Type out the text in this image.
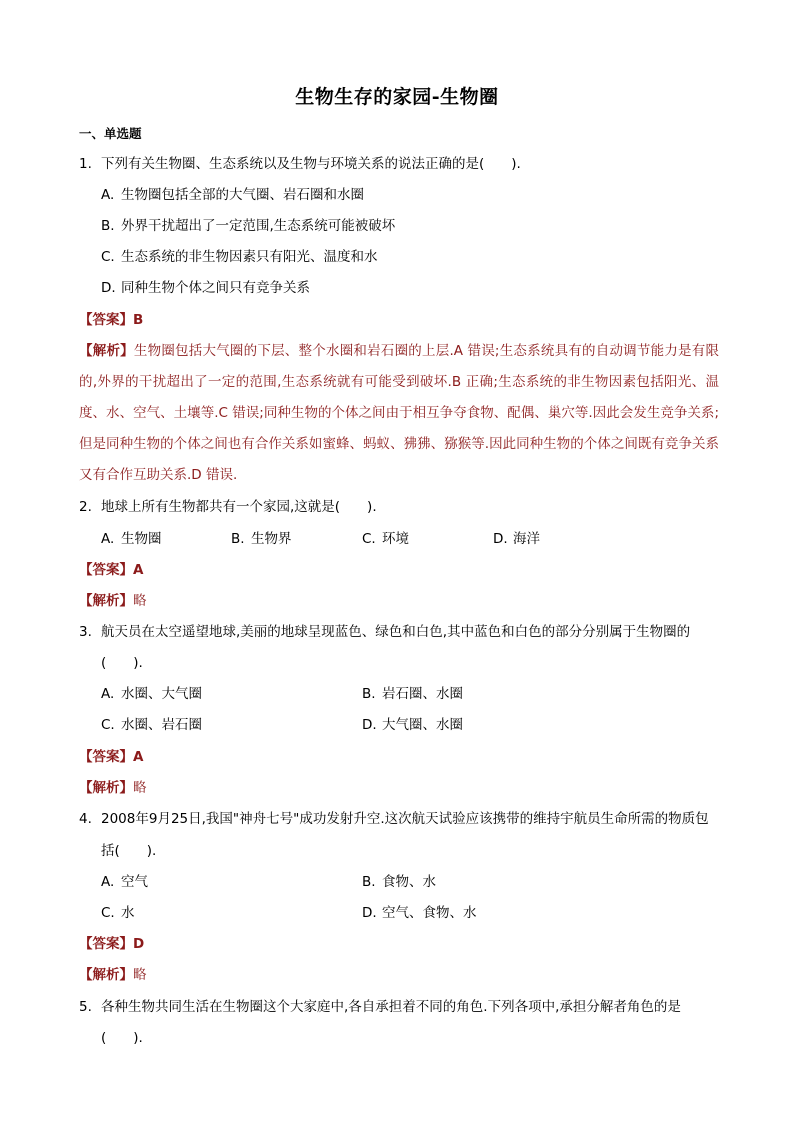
生物生存的家园-生物圈
一、单选题
1. 下列有关生物圈、生态系统以及生物与环境关系的说法正确的是(　　).
A. 生物圈包括全部的大气圈、岩石圈和水圈
B. 外界干扰超出了一定范围,生态系统可能被破坏
C. 生态系统的非生物因素只有阳光、温度和水
D. 同种生物个体之间只有竞争关系
【答案】B
【解析】生物圈包括大气圈的下层、整个水圈和岩石圈的上层.A 错误;生态系统具有的自动调节能力是有限的,外界的干扰超出了一定的范围,生态系统就有可能受到破坏.B 正确;生态系统的非生物因素包括阳光、温度、水、空气、土壤等.C 错误;同种生物的个体之间由于相互争夺食物、配偶、巢穴等.因此会发生竞争关系;但是同种生物的个体之间也有合作关系如蜜蜂、蚂蚁、狒狒、猕猴等.因此同种生物的个体之间既有竞争关系又有合作互助关系.D 错误.
2. 地球上所有生物都共有一个家园,这就是(　　).
A. 生物圈	B. 生物界	C. 环境	D. 海洋
【答案】A
【解析】略
3. 航天员在太空遥望地球,美丽的地球呈现蓝色、绿色和白色,其中蓝色和白色的部分分别属于生物圈的
(　　).
A. 水圈、大气圈	B. 岩石圈、水圈
C. 水圈、岩石圈	D. 大气圈、水圈
【答案】A
【解析】略
4. 2008年9月25日,我国"神舟七号"成功发射升空.这次航天试验应该携带的维持宇航员生命所需的物质包
括(　　).
A. 空气	B. 食物、水
C. 水	D. 空气、食物、水
【答案】D
【解析】略
5. 各种生物共同生活在生物圈这个大家庭中,各自承担着不同的角色.下列各项中,承担分解者角色的是
(　　).
